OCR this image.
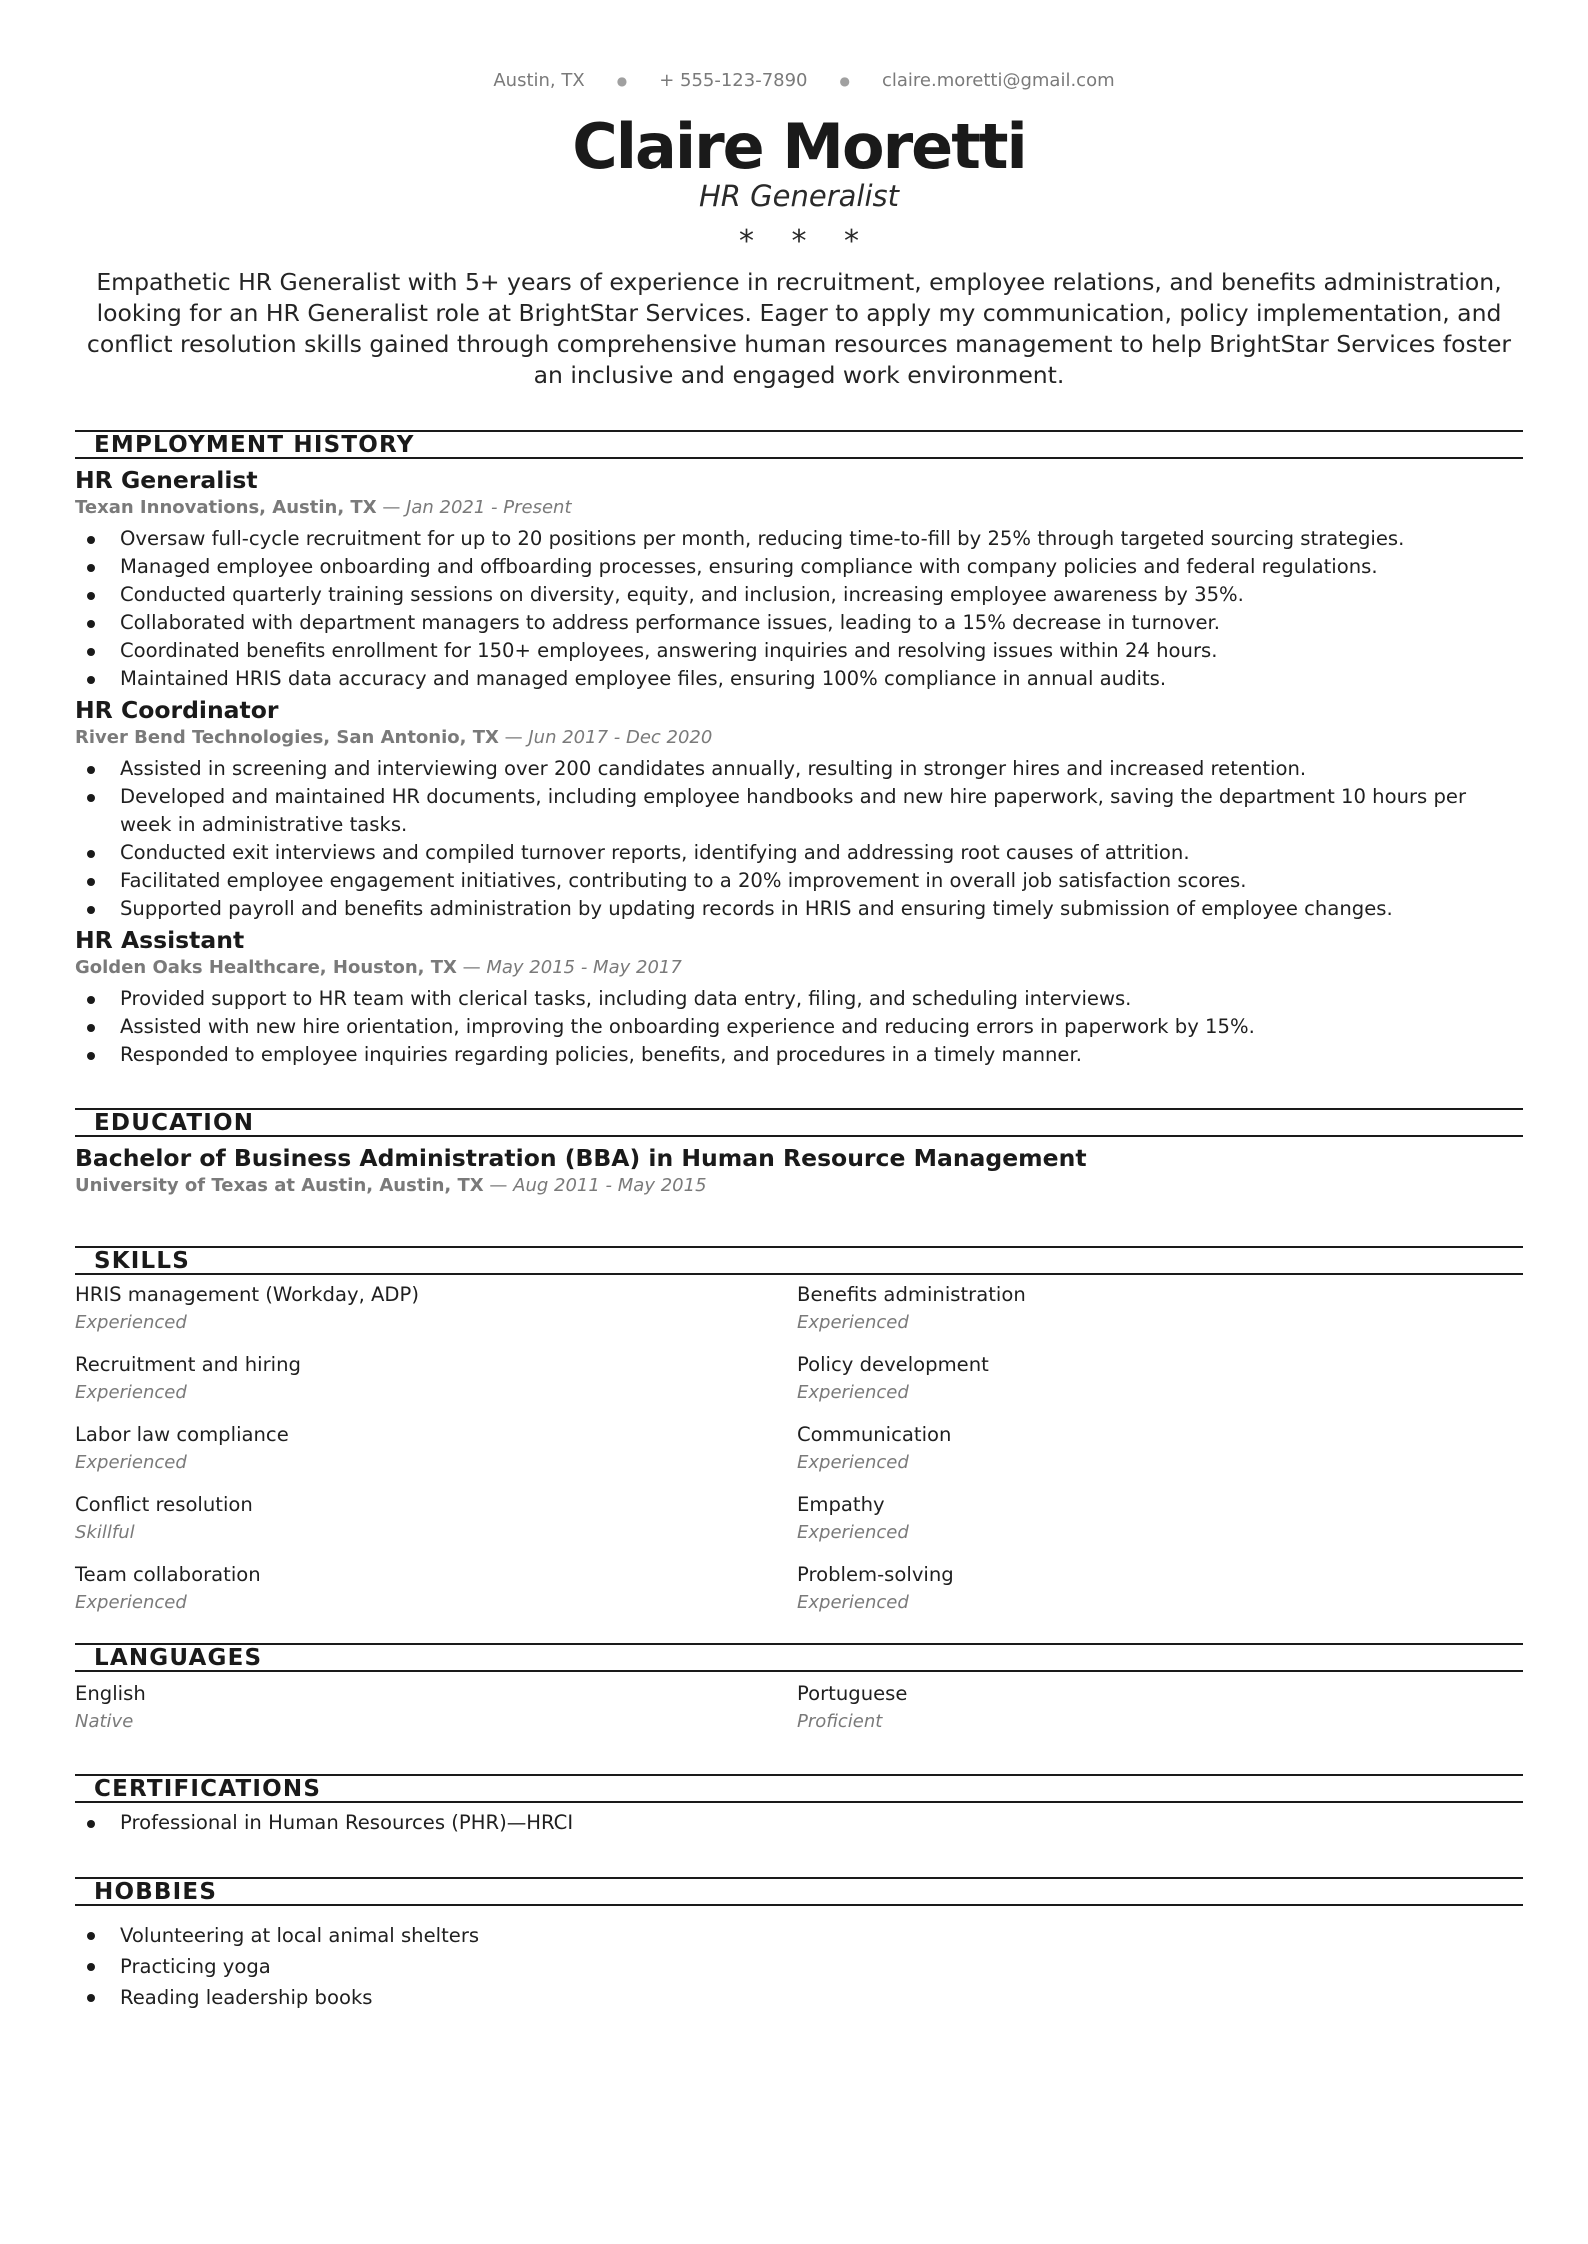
Austin, TX	● + 555-123-7890	● claire.moretti@gmail.com
Claire Moretti
HR Generalist
* * *

Empathetic HR Generalist with 5+ years of experience in recruitment, employee relations, and benefits administration, looking for an HR Generalist role at BrightStar Services. Eager to apply my communication, policy implementation, and conflict resolution skills gained through comprehensive human resources management to help BrightStar Services foster an inclusive and engaged work environment.

EMPLOYMENT HISTORY
HR Generalist
Texan Innovations, Austin, TX — Jan 2021 - Present
Oversaw full-cycle recruitment for up to 20 positions per month, reducing time-to-fill by 25% through targeted sourcing strategies.
Managed employee onboarding and offboarding processes, ensuring compliance with company policies and federal regulations.
Conducted quarterly training sessions on diversity, equity, and inclusion, increasing employee awareness by 35%.
Collaborated with department managers to address performance issues, leading to a 15% decrease in turnover.
Coordinated benefits enrollment for 150+ employees, answering inquiries and resolving issues within 24 hours.
Maintained HRIS data accuracy and managed employee files, ensuring 100% compliance in annual audits.
HR Coordinator
River Bend Technologies, San Antonio, TX — Jun 2017 - Dec 2020
Assisted in screening and interviewing over 200 candidates annually, resulting in stronger hires and increased retention.
Developed and maintained HR documents, including employee handbooks and new hire paperwork, saving the department 10 hours per week in administrative tasks.
Conducted exit interviews and compiled turnover reports, identifying and addressing root causes of attrition.
Facilitated employee engagement initiatives, contributing to a 20% improvement in overall job satisfaction scores.
Supported payroll and benefits administration by updating records in HRIS and ensuring timely submission of employee changes.
HR Assistant
Golden Oaks Healthcare, Houston, TX — May 2015 - May 2017
Provided support to HR team with clerical tasks, including data entry, filing, and scheduling interviews.
Assisted with new hire orientation, improving the onboarding experience and reducing errors in paperwork by 15%.
Responded to employee inquiries regarding policies, benefits, and procedures in a timely manner.
EDUCATION
Bachelor of Business Administration (BBA) in Human Resource Management
University of Texas at Austin, Austin, TX — Aug 2011 - May 2015
SKILLS
HRIS management (Workday, ADP)
Experienced
Benefits administration
Experienced
Recruitment and hiring
Experienced
Policy development
Experienced
Labor law compliance
Experienced
Communication
Experienced
Conflict resolution
Skillful
Empathy
Experienced
Team collaboration
Experienced
Problem-solving
Experienced
LANGUAGES
English
Native
Portuguese
Proficient
CERTIFICATIONS
Professional in Human Resources (PHR)—HRCI
HOBBIES
Volunteering at local animal shelters
Practicing yoga
Reading leadership books
